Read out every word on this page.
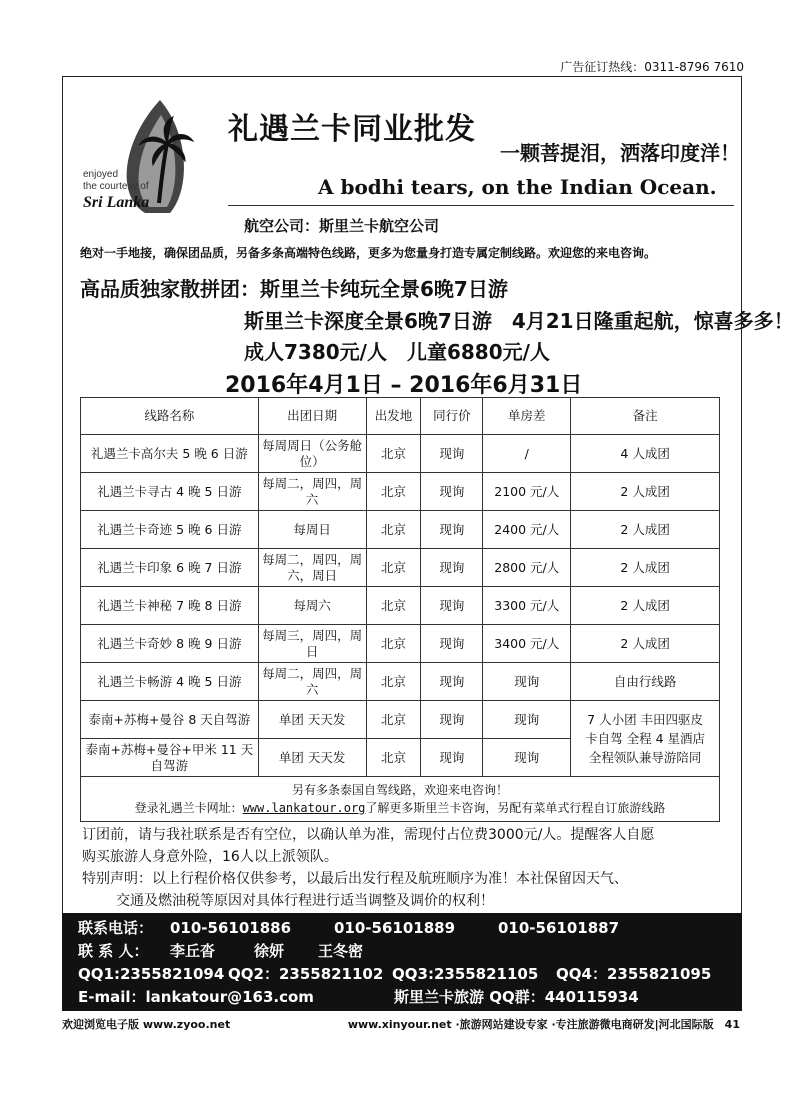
广告征订热线：0311-8796 7610
enjoyed
the courtesy of
Sri Lanka
礼遇兰卡同业批发
一颗菩提泪，洒落印度洋！
A bodhi tears, on the Indian Ocean.
航空公司：斯里兰卡航空公司
绝对一手地接，确保团品质，另备多条高端特色线路，更多为您量身打造专属定制线路。欢迎您的来电咨询。
高品质独家散拼团：斯里兰卡纯玩全景6晚7日游
斯里兰卡深度全景6晚7日游　4月21日隆重起航，惊喜多多！
成人7380元/人　儿童6880元/人
2016年4月1日 – 2016年6月31日
线路名称	出团日期	出发地	同行价	单房差	备注
礼遇兰卡高尔夫 5 晚 6 日游	每周周日（公务舱位）	北京	现询	/	4 人成团
礼遇兰卡寻古 4 晚 5 日游	每周二，周四，周六	北京	现询	2100 元/人	2 人成团
礼遇兰卡奇迹 5 晚 6 日游	每周日	北京	现询	2400 元/人	2 人成团
礼遇兰卡印象 6 晚 7 日游	每周二，周四，周六，周日	北京	现询	2800 元/人	2 人成团
礼遇兰卡神秘 7 晚 8 日游	每周六	北京	现询	3300 元/人	2 人成团
礼遇兰卡奇妙 8 晚 9 日游	每周三，周四，周日	北京	现询	3400 元/人	2 人成团
礼遇兰卡畅游 4 晚 5 日游	每周二，周四，周六	北京	现询	现询	自由行线路
泰南+苏梅+曼谷 8 天自驾游	单团 天天发	北京	现询	现询	7 人小团 丰田四驱皮卡自驾 全程 4 星酒店 全程领队兼导游陪同
泰南+苏梅+曼谷+甲米 11 天自驾游	单团 天天发	北京	现询	现询	

另有多条泰国自驾线路，欢迎来电咨询！
登录礼遇兰卡网址：www.lankatour.org了解更多斯里兰卡咨询，另配有菜单式行程自订旅游线路					

订团前，请与我社联系是否有空位，以确认单为准，需现付占位费3000元/人。提醒客人自愿

购买旅游人身意外险，16人以上派领队。

特别声明：以上行程价格仅供参考，以最后出发行程及航班顺序为准！本社保留因天气、

交通及燃油税等原因对具体行程进行适当调整及调价的权利！

联系电话： 010-56101886	010-56101889	010-56101887
联 系 人： 李丘沓	徐妍 王冬密
QQ1:2355821094 QQ2：2355821102 QQ3:2355821105 QQ4：2355821095
E-mail：lankatour@163.com	斯里兰卡旅游 QQ群：440115934
欢迎浏览电子版 www.zyoo.net	www.xinyour.net ·旅游网站建设专家 ·专注旅游微电商研发|河北国际版　41
